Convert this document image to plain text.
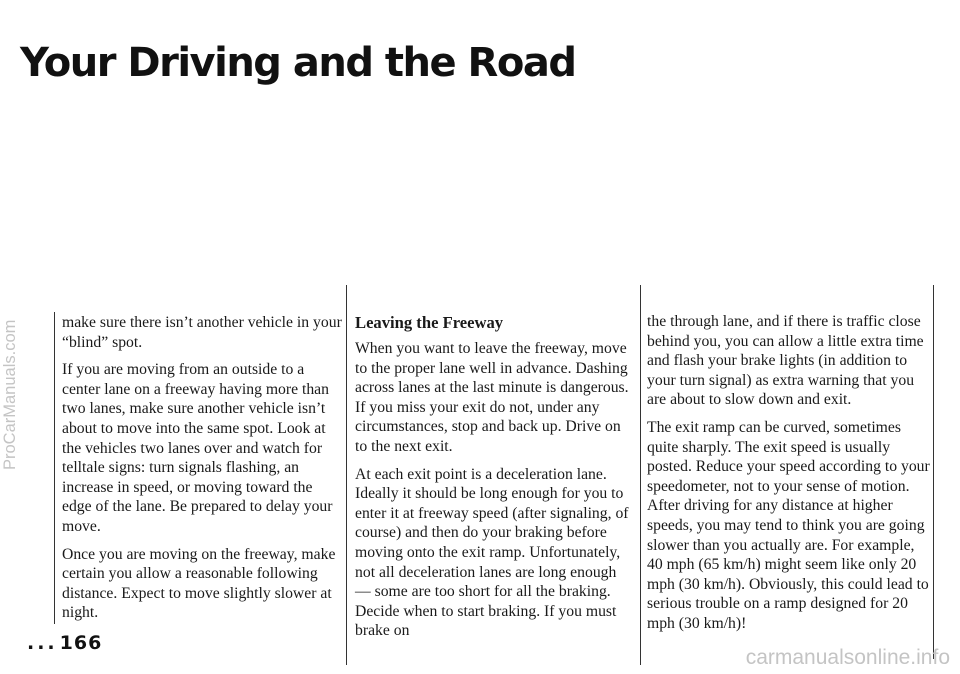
Your Driving and the Road
ProCarManuals.com	make sure there isn’t another vehicle in your “blind” spot.

If you are moving from an outside to a center lane on a freeway having more than two lanes, make sure another vehicle isn’t about to move into the same spot. Look at the vehicles two lanes over and watch for telltale signs: turn signals flashing, an increase in speed, or moving toward the edge of the lane. Be prepared to delay your move.

Once you are moving on the freeway, make certain you allow a reasonable following distance. Expect to move slightly slower at night.

Leaving the Freeway

When you want to leave the freeway, move to the proper lane well in advance. Dashing across lanes at the last minute is dangerous. If you miss your exit do not, under any circumstances, stop and back up. Drive on to the next exit.

At each exit point is a deceleration lane. Ideally it should be long enough for you to enter it at freeway speed (after signaling, of course) and then do your braking before moving onto the exit ramp. Unfortunately, not all deceleration lanes are long enough — some are too short for all the braking. Decide when to start braking. If you must brake on

the through lane, and if there is traffic close behind you, you can allow a little extra time and flash your brake lights (in addition to your turn signal) as extra warning that you are about to slow down and exit.

The exit ramp can be curved, sometimes quite sharply. The exit speed is usually posted. Reduce your speed according to your speedometer, not to your sense of motion. After driving for any distance at higher speeds, you may tend to think you are going slower than you actually are. For example, 40 mph (65 km/h) might seem like only 20 mph (30 km/h). Obviously, this could lead to serious trouble on a ramp designed for 20 mph (30 km/h)!

... 166
carmanualsonline.info
